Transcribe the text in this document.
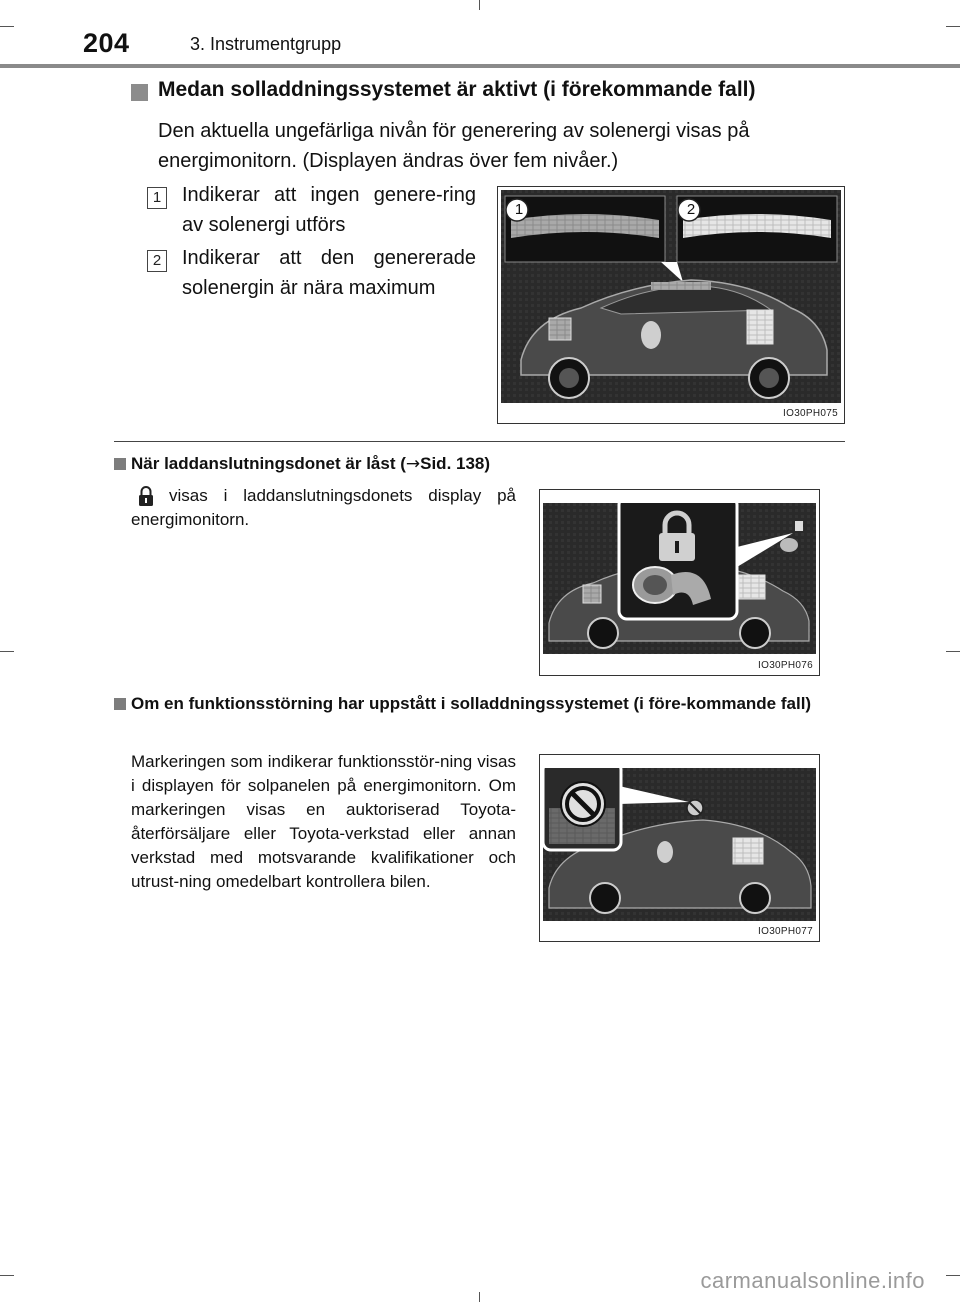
204	3. Instrumentgrupp
Medan solladdningssystemet är aktivt (i förekommande fall)
Den aktuella ungefärliga nivån för generering av solenergi visas på energimonitorn. (Displayen ändras över fem nivåer.)
1 Indikerar att ingen genere-ring av solenergi utförs
2 Indikerar att den genererade solenergin är nära maximum
IO30PH075
1	2
När laddanslutningsdonet är låst (→Sid. 138)
visas i laddanslutningsdonets display på energimonitorn.
IO30PH076
Om en funktionsstörning har uppstått i solladdningssystemet (i före-kommande fall)
Markeringen som indikerar funktionsstör-ning visas i displayen för solpanelen på energimonitorn. Om markeringen visas en auktoriserad Toyota-återförsäljare eller Toyota-verkstad eller annan verkstad med motsvarande kvalifikationer och utrust-ning omedelbart kontrollera bilen.
IO30PH077
carmanualsonline.info
